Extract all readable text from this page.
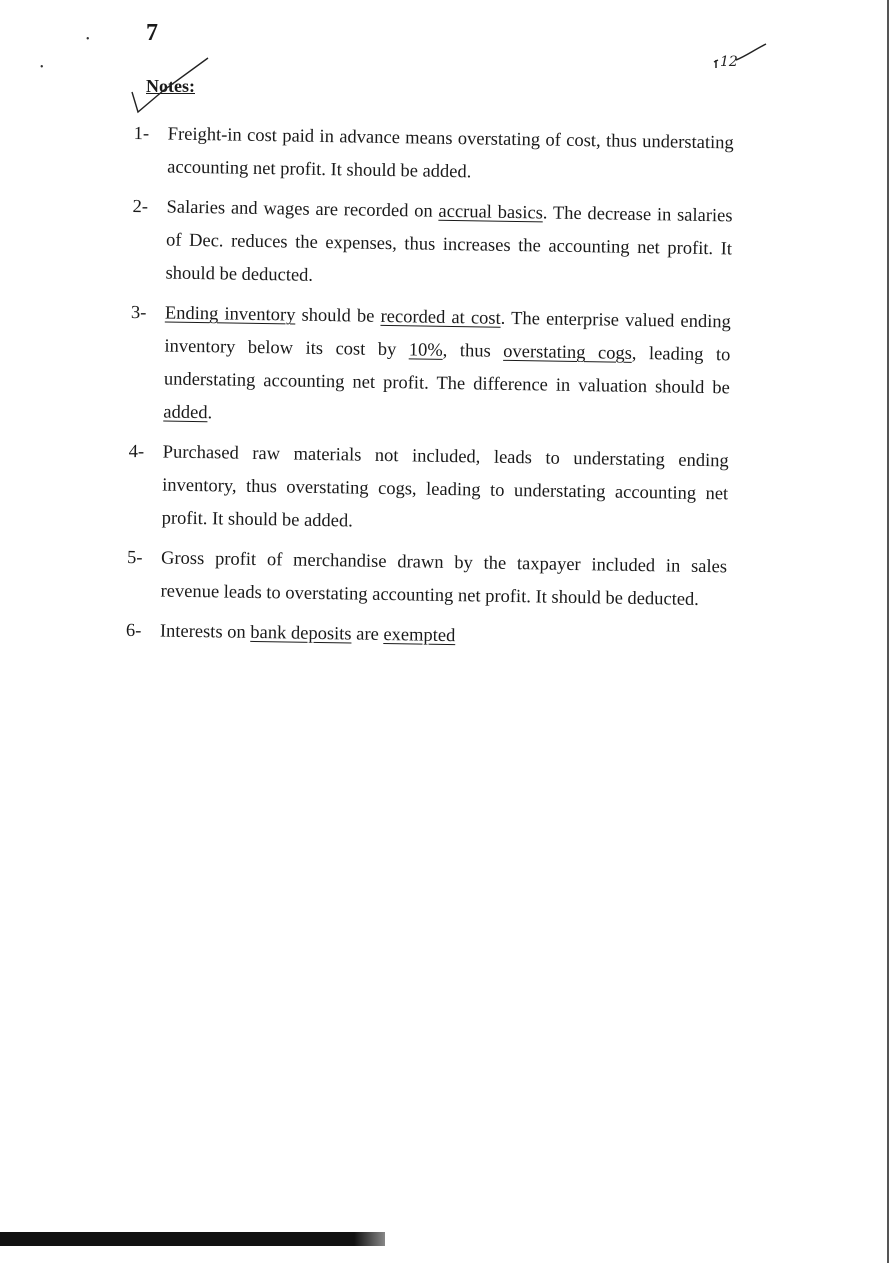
7
•
•	12
Notes:
1- Freight-in cost paid in advance means overstating of cost, thus understating accounting net profit. It should be added.
2- Salaries and wages are recorded on accrual basics. The decrease in salaries of Dec. reduces the expenses, thus increases the accounting net profit. It should be deducted.
3- Ending inventory should be recorded at cost. The enterprise valued ending inventory below its cost by 10%, thus overstating cogs, leading to understating accounting net profit. The difference in valuation should be added.
4- Purchased raw materials not included, leads to understating ending inventory, thus overstating cogs, leading to understating accounting net profit. It should be added.
5- Gross profit of merchandise drawn by the taxpayer included in sales revenue leads to overstating accounting net profit. It should be deducted.
6- Interests on bank deposits are exempted
